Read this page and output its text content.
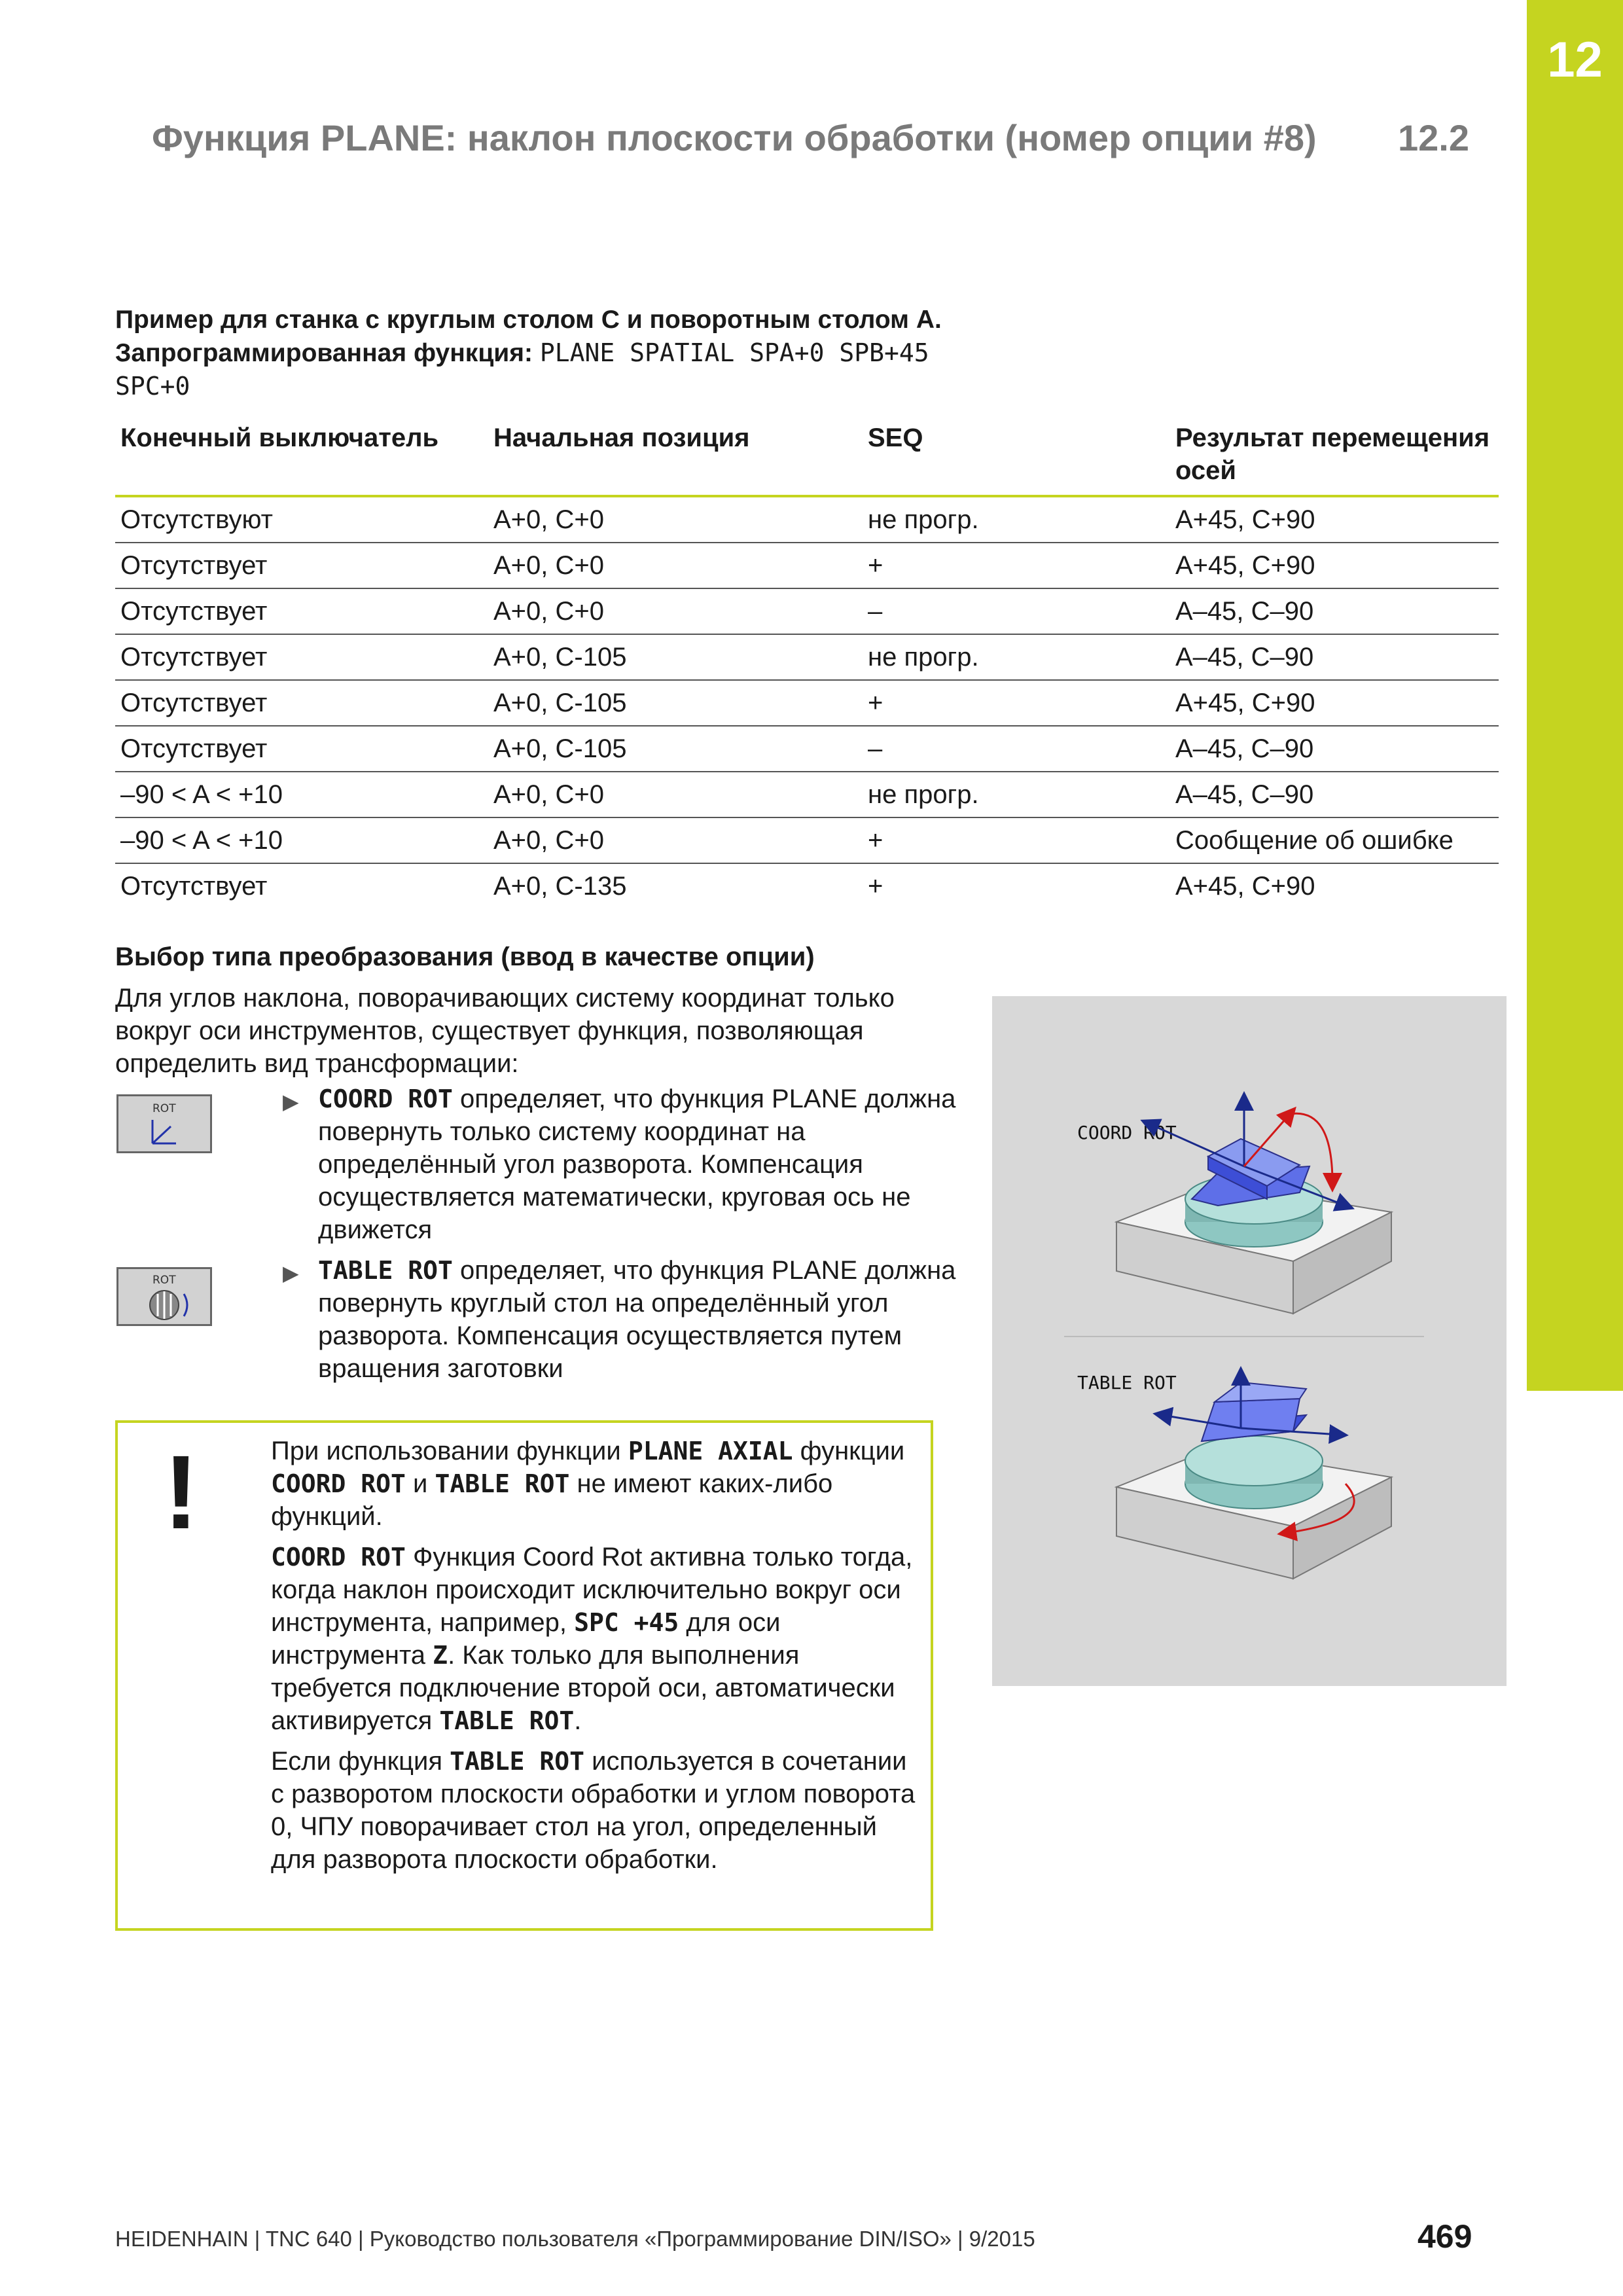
12
Функция PLANE: наклон плоскости обработки (номер опции #8) 12.2
Пример для станка с круглым столом С и поворотным столом А. Запрограммированная функция: PLANE SPATIAL SPA+0 SPB+45 SPC+0
Конечный выключатель	Начальная позиция	SEQ	Результат перемещения осей
Отсутствуют	A+0, C+0	не прогр.	A+45, C+90
Отсутствует	A+0, C+0	+	A+45, C+90
Отсутствует	A+0, C+0	–	A–45, C–90
Отсутствует	A+0, C-105	не прогр.	A–45, C–90
Отсутствует	A+0, C-105	+	A+45, C+90
Отсутствует	A+0, C-105	–	A–45, C–90
–90 < A < +10	A+0, C+0	не прогр.	A–45, C–90
–90 < A < +10	A+0, C+0	+	Сообщение об ошибке
Отсутствует	A+0, C-135	+	A+45, C+90
Выбор типа преобразования (ввод в качестве опции)
Для углов наклона, поворачивающих систему координат только вокруг оси инструментов, существует функция, позволяющая определить вид трансформации:
ROT	▶ COORD ROT определяет, что функция PLANE должна повернуть только систему координат на определённый угол разворота. Компенсация осуществляется математически, круговая ось не движется
ROT	▶ TABLE ROT определяет, что функция PLANE должна повернуть круглый стол на определённый угол разворота. Компенсация осуществляется путем вращения заготовки
!	При использовании функции PLANE AXIAL функции COORD ROT и TABLE ROT не имеют каких-либо функций.

COORD ROT Функция Coord Rot активна только тогда, когда наклон происходит исключительно вокруг оси инструмента, например, SPC +45 для оси инструмента Z. Как только для выполнения требуется подключение второй оси, автоматически активируется TABLE ROT.

Если функция TABLE ROT используется в сочетании с разворотом плоскости обработки и углом поворота 0, ЧПУ поворачивает стол на угол, определенный для разворота плоскости обработки.

COORD ROT
TABLE ROT
HEIDENHAIN | TNC 640 | Руководство пользователя «Программирование DIN/ISO» | 9/2015	469
